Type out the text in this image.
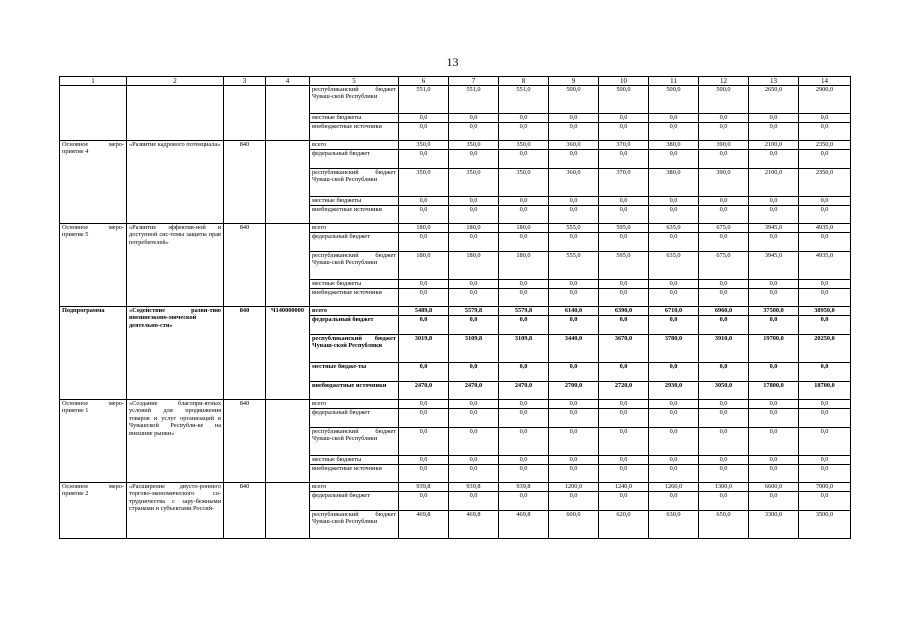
13
1	2	3	4	5	6	7	8	9	10	11	12	13	14
				республиканский бюджет Чуваш-ской Республики	551,0	551,0	551,0	500,0	500,0	500,0	500,0	2650,0	2900,0
				местные бюджеты	0,0	0,0	0,0	0,0	0,0	0,0	0,0	0,0	0,0
				внебюджетные источники	0,0	0,0	0,0	0,0	0,0	0,0	0,0	0,0	0,0
Основное меро-приятие 4	«Развитие кадрового потенциала»	840		всего	350,0	350,0	350,0	360,0	370,0	380,0	390,0	2100,0	2350,0
				федеральный бюджет	0,0	0,0	0,0	0,0	0,0	0,0	0,0	0,0	0,0
				республиканский бюджет Чуваш-ской Республики	350,0	350,0	350,0	360,0	370,0	380,0	390,0	2100,0	2350,0
				местные бюджеты	0,0	0,0	0,0	0,0	0,0	0,0	0,0	0,0	0,0
				внебюджетные источники	0,0	0,0	0,0	0,0	0,0	0,0	0,0	0,0	0,0
Основное меро-приятие 5	«Развитие эффектив-ной и доступной сис-темы защиты прав потребителей»	840		всего	180,0	180,0	180,0	555,0	595,0	635,0	675,0	3945,0	4935,0
				федеральный бюджет	0,0	0,0	0,0	0,0	0,0	0,0	0,0	0,0	0,0
				республиканский бюджет Чуваш-ской Республики	180,0	180,0	180,0	555,0	595,0	635,0	675,0	3945,0	4935,0
				местные бюджеты	0,0	0,0	0,0	0,0	0,0	0,0	0,0	0,0	0,0
				внебюджетные источники	0,0	0,0	0,0	0,0	0,0	0,0	0,0	0,0	0,0
Подпрограмма	«Содействие разви-тию внешнеэконо-мической деятельно-сти»	840	Ч140000000	всего	5489,8	5579,8	5579,8	6140,0	6390,0	6710,0	6960,0	37500,0	38950,0
				федеральный бюджет	0,0	0,0	0,0	0,0	0,0	0,0	0,0	0,0	0,0
				республиканский бюджет Чуваш-ской Республики	3019,8	3109,8	3109,8	3440,0	3670,0	3780,0	3910,0	19700,0	20250,0
				местные бюдже-ты	0,0	0,0	0,0	0,0	0,0	0,0	0,0	0,0	0,0
				внебюджетные источники	2470,0	2470,0	2470,0	2700,0	2720,0	2930,0	3050,0	17800,0	18700,0
Основное меро-приятие 1	«Создание благопри-ятных условий для продвижения товаров и услуг организаций в Чувашской Республи-ке на внешние рынки»	840		всего	0,0	0,0	0,0	0,0	0,0	0,0	0,0	0,0	0,0
				федеральный бюджет	0,0	0,0	0,0	0,0	0,0	0,0	0,0	0,0	0,0
				республиканский бюджет Чуваш-ской Республики	0,0	0,0	0,0	0,0	0,0	0,0	0,0	0,0	0,0
				местные бюджеты	0,0	0,0	0,0	0,0	0,0	0,0	0,0	0,0	0,0
				внебюджетные источники	0,0	0,0	0,0	0,0	0,0	0,0	0,0	0,0	0,0
Основное меро-приятие 2	«Расширение двусто-роннего торгово-экономического со-трудничества с зару-бежными странами и субъектами Россий-	840		всего	939,8	939,8	939,8	1200,0	1240,0	1260,0	1300,0	6600,0	7000,0
				федеральный бюджет	0,0	0,0	0,0	0,0	0,0	0,0	0,0	0,0	0,0
				республиканский бюджет Чуваш-ской Республики	469,8	469,8	469,8	600,0	620,0	630,0	650,0	3300,0	3500,0
